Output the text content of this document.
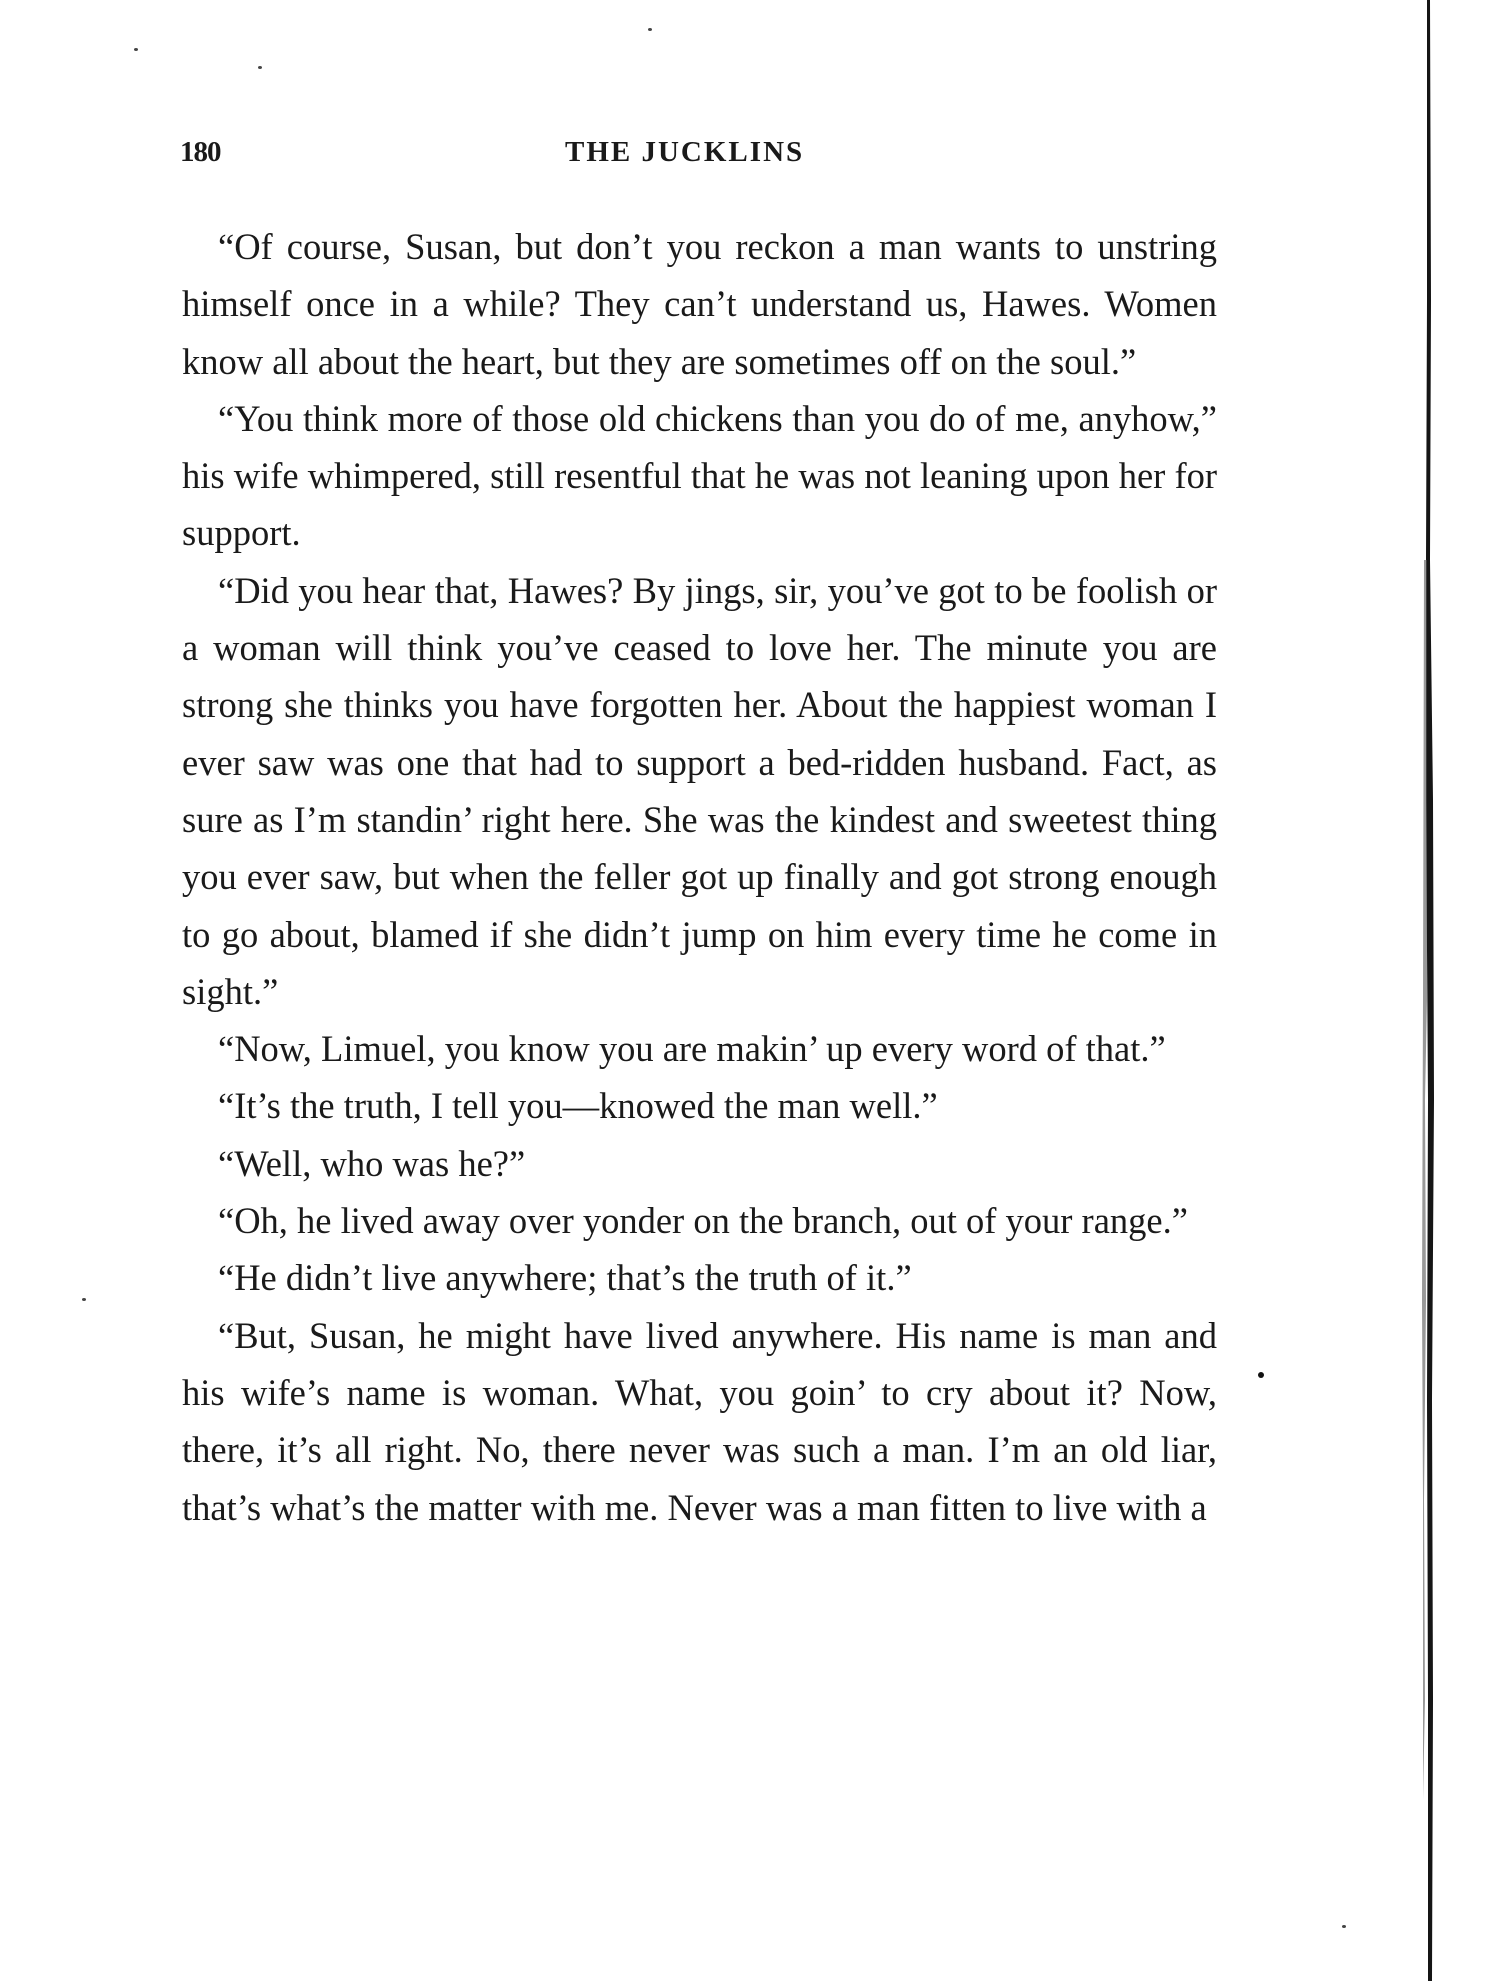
180	THE JUCKLINS

“Of course, Susan, but don’t you reckon a man wants to unstring himself once in a while? They can’t understand us, Hawes. Women know all about the heart, but they are sometimes off on the soul.”

“You think more of those old chickens than you do of me, anyhow,” his wife whimpered, still resentful that he was not leaning upon her for support.

“Did you hear that, Hawes? By jings, sir, you’ve got to be foolish or a woman will think you’ve ceased to love her. The minute you are strong she thinks you have forgotten her. About the happiest woman I ever saw was one that had to support a bed-ridden husband. Fact, as sure as I’m standin’ right here. She was the kindest and sweetest thing you ever saw, but when the feller got up finally and got strong enough to go about, blamed if she didn’t jump on him every time he come in sight.”

“Now, Limuel, you know you are makin’ up every word of that.”

“It’s the truth, I tell you—knowed the man well.”

“Well, who was he?”

“Oh, he lived away over yonder on the branch, out of your range.”

“He didn’t live anywhere; that’s the truth of it.”

“But, Susan, he might have lived anywhere. His name is man and his wife’s name is woman. What, you goin’ to cry about it? Now, there, it’s all right. No, there never was such a man. I’m an old liar, that’s what’s the matter with me. Never was a man fitten to live with a
